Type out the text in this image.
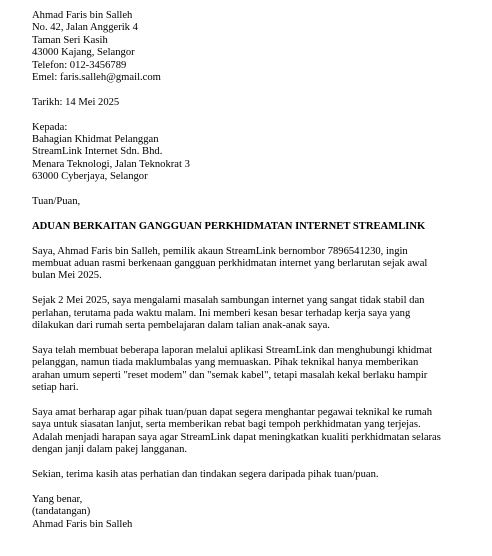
Ahmad Faris bin Salleh
No. 42, Jalan Anggerik 4
Taman Seri Kasih
43000 Kajang, Selangor
Telefon: 012-3456789
Emel: faris.salleh@gmail.com
Tarikh: 14 Mei 2025
Kepada:
Bahagian Khidmat Pelanggan
StreamLink Internet Sdn. Bhd.
Menara Teknologi, Jalan Teknokrat 3
63000 Cyberjaya, Selangor
Tuan/Puan,
ADUAN BERKAITAN GANGGUAN PERKHIDMATAN INTERNET STREAMLINK
Saya, Ahmad Faris bin Salleh, pemilik akaun StreamLink bernombor 7896541230, ingin
membuat aduan rasmi berkenaan gangguan perkhidmatan internet yang berlarutan sejak awal
bulan Mei 2025.
Sejak 2 Mei 2025, saya mengalami masalah sambungan internet yang sangat tidak stabil dan
perlahan, terutama pada waktu malam. Ini memberi kesan besar terhadap kerja saya yang
dilakukan dari rumah serta pembelajaran dalam talian anak-anak saya.
Saya telah membuat beberapa laporan melalui aplikasi StreamLink dan menghubungi khidmat
pelanggan, namun tiada maklumbalas yang memuaskan. Pihak teknikal hanya memberikan
arahan umum seperti "reset modem" dan "semak kabel", tetapi masalah kekal berlaku hampir
setiap hari.
Saya amat berharap agar pihak tuan/puan dapat segera menghantar pegawai teknikal ke rumah
saya untuk siasatan lanjut, serta memberikan rebat bagi tempoh perkhidmatan yang terjejas.
Adalah menjadi harapan saya agar StreamLink dapat meningkatkan kualiti perkhidmatan selaras
dengan janji dalam pakej langganan.
Sekian, terima kasih atas perhatian dan tindakan segera daripada pihak tuan/puan.
Yang benar,
(tandatangan)
Ahmad Faris bin Salleh
